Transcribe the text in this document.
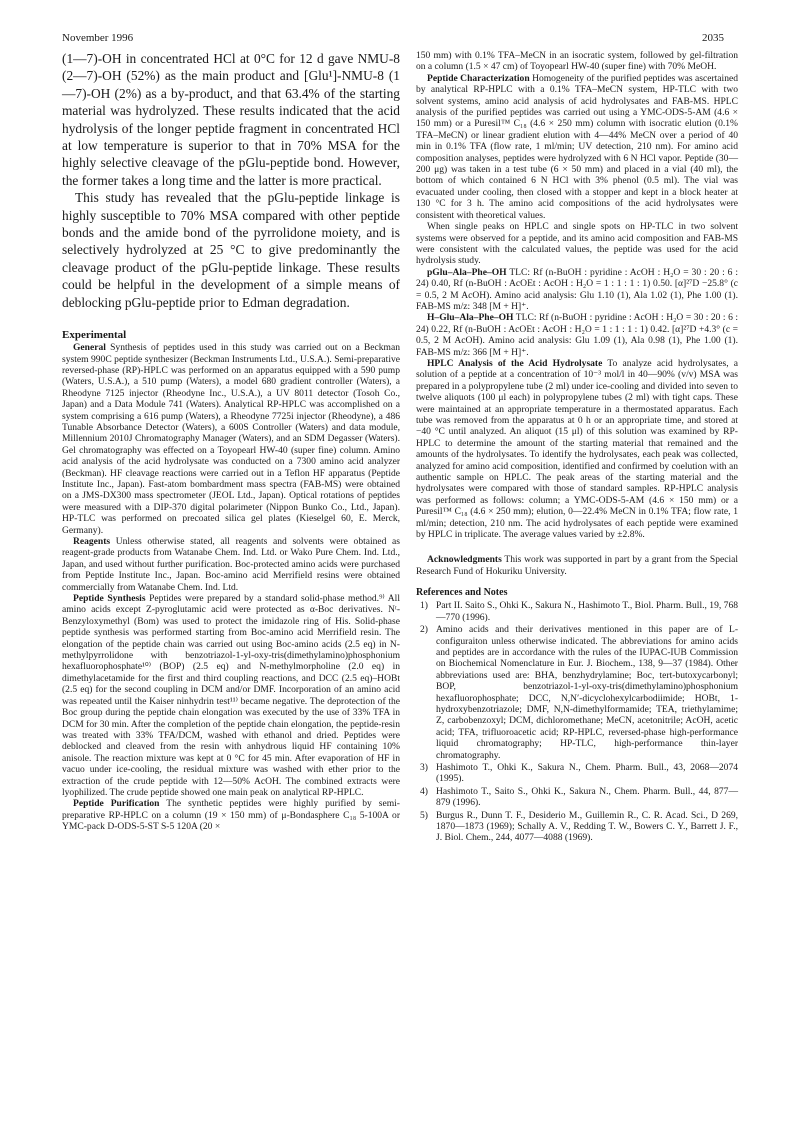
November 1996	2035

(1—7)-OH in concentrated HCl at 0°C for 12 d gave NMU-8 (2—7)-OH (52%) as the main product and [Glu¹]-NMU-8 (1—7)-OH (2%) as a by-product, and that 63.4% of the starting material was hydrolyzed. These results indicated that the acid hydrolysis of the longer peptide fragment in concentrated HCl at low temperature is superior to that in 70% MSA for the highly selective cleavage of the pGlu-peptide bond. However, the former takes a long time and the latter is more practical.

This study has revealed that the pGlu-peptide linkage is highly susceptible to 70% MSA compared with other peptide bonds and the amide bond of the pyrrolidone moiety, and is selectively hydrolyzed at 25 °C to give predominantly the cleavage product of the pGlu-peptide linkage. These results could be helpful in the development of a simple means of deblocking pGlu-peptide prior to Edman degradation.

Experimental

General Synthesis of peptides used in this study was carried out on a Beckman system 990C peptide synthesizer (Beckman Instruments Ltd., U.S.A.). Semi-preparative reversed-phase (RP)-HPLC was performed on an apparatus equipped with a 590 pump (Waters, U.S.A.), a 510 pump (Waters), a model 680 gradient controller (Waters), a Rheodyne 7125 injector (Rheodyne Inc., U.S.A.), a UV 8011 detector (Tosoh Co., Japan) and a Data Module 741 (Waters). Analytical RP-HPLC was accomplished on a system comprising a 616 pump (Waters), a Rheodyne 7725i injector (Rheodyne), a 486 Tunable Absorbance Detector (Waters), a 600S Controller (Waters) and data module, Millennium 2010J Chromatography Manager (Waters), and an SDM Degasser (Waters). Gel chromatography was effected on a Toyopearl HW-40 (super fine) column. Amino acid analysis of the acid hydrolysate was conducted on a 7300 amino acid analyzer (Beckman). HF cleavage reactions were carried out in a Teflon HF apparatus (Peptide Institute Inc., Japan). Fast-atom bombardment mass spectra (FAB-MS) were obtained on a JMS-DX300 mass spectrometer (JEOL Ltd., Japan). Optical rotations of peptides were measured with a DIP-370 digital polarimeter (Nippon Bunko Co., Ltd., Japan). HP-TLC was performed on precoated silica gel plates (Kieselgel 60, E. Merck, Germany).

Reagents Unless otherwise stated, all reagents and solvents were obtained as reagent-grade products from Watanabe Chem. Ind. Ltd. or Wako Pure Chem. Ind. Ltd., Japan, and used without further purification. Boc-protected amino acids were purchased from Peptide Institute Inc., Japan. Boc-amino acid Merrifield resins were obtained commercially from Watanabe Chem. Ind. Ltd.

Peptide Synthesis Peptides were prepared by a standard solid-phase method.⁹⁾ All amino acids except Z-pyroglutamic acid were protected as α-Boc derivatives. Nᵗ-Benzyloxymethyl (Bom) was used to protect the imidazole ring of His. Solid-phase peptide synthesis was performed starting from Boc-amino acid Merrifield resin. The elongation of the peptide chain was carried out using Boc-amino acids (2.5 eq) in N-methylpyrrolidone with benzotriazol-1-yl-oxy-tris(dimethylamino)phosphonium hexafluorophosphate¹⁰⁾ (BOP) (2.5 eq) and N-methylmorpholine (2.0 eq) in dimethylacetamide for the first and third coupling reactions, and DCC (2.5 eq)–HOBt (2.5 eq) for the second coupling in DCM and/or DMF. Incorporation of an amino acid was repeated until the Kaiser ninhydrin test¹¹⁾ became negative. The deprotection of the Boc group during the peptide chain elongation was executed by the use of 33% TFA in DCM for 30 min. After the completion of the peptide chain elongation, the peptide-resin was treated with 33% TFA/DCM, washed with ethanol and dried. Peptides were deblocked and cleaved from the resin with anhydrous liquid HF containing 10% anisole. The reaction mixture was kept at 0 °C for 45 min. After evaporation of HF in vacuo under ice-cooling, the residual mixture was washed with ether prior to the extraction of the crude peptide with 12—50% AcOH. The combined extracts were lyophilized. The crude peptide showed one main peak on analytical RP-HPLC.

Peptide Purification The synthetic peptides were highly purified by semi-preparative RP-HPLC on a column (19 × 150 mm) of μ-Bondasphere C₁₈ 5-100A or YMC-pack D-ODS-5-ST S-5 120A (20 ×

150 mm) with 0.1% TFA–MeCN in an isocratic system, followed by gel-filtration on a column (1.5 × 47 cm) of Toyopearl HW-40 (super fine) with 70% MeOH.

Peptide Characterization Homogeneity of the purified peptides was ascertained by analytical RP-HPLC with a 0.1% TFA–MeCN system, HP-TLC with two solvent systems, amino acid analysis of acid hydrolysates and FAB-MS. HPLC analysis of the purified peptides was carried out using a YMC-ODS-5-AM (4.6 × 150 mm) or a Puresil™ C₁₈ (4.6 × 250 mm) column with isocratic elution (0.1% TFA–MeCN) or linear gradient elution with 4—44% MeCN over a period of 40 min in 0.1% TFA (flow rate, 1 ml/min; UV detection, 210 nm). For amino acid composition analyses, peptides were hydrolyzed with 6 N HCl vapor. Peptide (30—200 μg) was taken in a test tube (6 × 50 mm) and placed in a vial (40 ml), the bottom of which contained 6 N HCl with 3% phenol (0.5 ml). The vial was evacuated under cooling, then closed with a stopper and kept in a block heater at 130 °C for 3 h. The amino acid compositions of the acid hydrolysates were consistent with theoretical values.

When single peaks on HPLC and single spots on HP-TLC in two solvent systems were observed for a peptide, and its amino acid composition and FAB-MS were consistent with the calculated values, the peptide was used for the acid hydrolysis study.

pGlu–Ala–Phe–OH TLC: Rf (n-BuOH : pyridine : AcOH : H₂O = 30 : 20 : 6 : 24) 0.40, Rf (n-BuOH : AcOEt : AcOH : H₂O = 1 : 1 : 1 : 1) 0.50. [α]²⁷D −25.8° (c = 0.5, 2 M AcOH). Amino acid analysis: Glu 1.10 (1), Ala 1.02 (1), Phe 1.00 (1). FAB-MS m/z: 348 [M + H]⁺.

H–Glu–Ala–Phe–OH TLC: Rf (n-BuOH : pyridine : AcOH : H₂O = 30 : 20 : 6 : 24) 0.22, Rf (n-BuOH : AcOEt : AcOH : H₂O = 1 : 1 : 1 : 1) 0.42. [α]²⁷D +4.3° (c = 0.5, 2 M AcOH). Amino acid analysis: Glu 1.09 (1), Ala 0.98 (1), Phe 1.00 (1). FAB-MS m/z: 366 [M + H]⁺.

HPLC Analysis of the Acid Hydrolysate To analyze acid hydrolysates, a solution of a peptide at a concentration of 10⁻³ mol/l in 40—90% (v/v) MSA was prepared in a polypropylene tube (2 ml) under ice-cooling and divided into seven to twelve aliquots (100 μl each) in polypropylene tubes (2 ml) with tight caps. These were maintained at an appropriate temperature in a thermostated apparatus. Each tube was removed from the apparatus at 0 h or an appropriate time, and stored at −40 °C until analyzed. An aliquot (15 μl) of this solution was examined by RP-HPLC to determine the amount of the starting material that remained and the amounts of the hydrolysates. To identify the hydrolysates, each peak was collected, analyzed for amino acid composition, identified and confirmed by coelution with an authentic sample on HPLC. The peak areas of the starting material and the hydrolysates were compared with those of standard samples. RP-HPLC analysis was performed as follows: column; a YMC-ODS-5-AM (4.6 × 150 mm) or a Puresil™ C₁₈ (4.6 × 250 mm); elution, 0—22.4% MeCN in 0.1% TFA; flow rate, 1 ml/min; detection, 210 nm. The acid hydrolysates of each peptide were examined by HPLC in triplicate. The average values varied by ±2.8%.

Acknowledgments This work was supported in part by a grant from the Special Research Fund of Hokuriku University.

References and Notes
1) Part II. Saito S., Ohki K., Sakura N., Hashimoto T., Biol. Pharm. Bull., 19, 768—770 (1996).
2) Amino acids and their derivatives mentioned in this paper are of L-configuraiton unless otherwise indicated. The abbreviations for amino acids and peptides are in accordance with the rules of the IUPAC-IUB Commission on Biochemical Nomenclature in Eur. J. Biochem., 138, 9—37 (1984). Other abbreviations used are: BHA, benzhydrylamine; Boc, tert-butoxycarbonyl; BOP, benzotriazol-1-yl-oxy-tris(dimethylamino)phosphonium hexafluorophosphate; DCC, N,N′-dicyclohexylcarbodiimide; HOBt, 1-hydroxybenzotriazole; DMF, N,N-dimethylformamide; TEA, triethylamime; Z, carbobenzoxyl; DCM, dichloromethane; MeCN, acetonitrile; AcOH, acetic acid; TFA, trifluoroacetic acid; RP-HPLC, reversed-phase high-performance liquid chromatography; HP-TLC, high-performance thin-layer chromatography.
3) Hashimoto T., Ohki K., Sakura N., Chem. Pharm. Bull., 43, 2068—2074 (1995).
4) Hashimoto T., Saito S., Ohki K., Sakura N., Chem. Pharm. Bull., 44, 877—879 (1996).
5) Burgus R., Dunn T. F., Desiderio M., Guillemin R., C. R. Acad. Sci., D 269, 1870—1873 (1969); Schally A. V., Redding T. W., Bowers C. Y., Barrett J. F., J. Biol. Chem., 244, 4077—4088 (1969).
